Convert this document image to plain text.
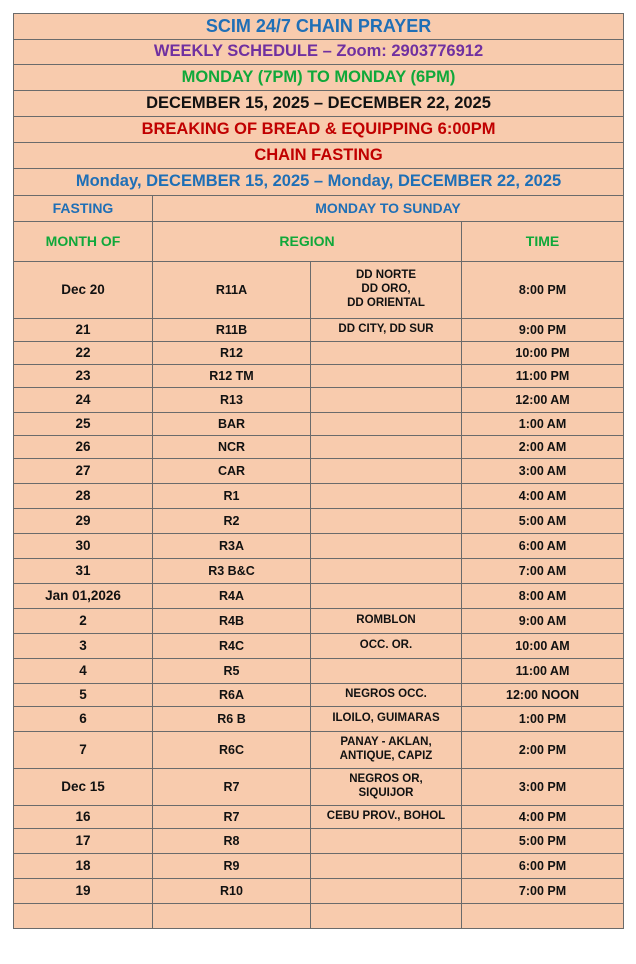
SCIM 24/7 CHAIN PRAYER			
WEEKLY SCHEDULE – Zoom: 2903776912			
MONDAY (7PM) TO MONDAY (6PM)			
DECEMBER 15, 2025 – DECEMBER 22, 2025			
BREAKING OF BREAD & EQUIPPING 6:00PM			
CHAIN FASTING			
Monday, DECEMBER 15, 2025 – Monday, DECEMBER 22, 2025			
FASTING	MONDAY TO SUNDAY		
MONTH OF	REGION		TIME
Dec 20	R11A	DD NORTE
DD ORO,
DD ORIENTAL	8:00 PM
21	R11B	DD CITY, DD SUR	9:00 PM
22	R12		10:00 PM
23	R12 TM		11:00 PM
24	R13		12:00 AM
25	BAR		1:00 AM
26	NCR		2:00 AM
27	CAR		3:00 AM
28	R1		4:00 AM
29	R2		5:00 AM
30	R3A		6:00 AM
31	R3 B&C		7:00 AM
Jan 01,2026	R4A		8:00 AM
2	R4B	ROMBLON	9:00 AM
3	R4C	OCC. OR.	10:00 AM
4	R5		11:00 AM
5	R6A	NEGROS OCC.	12:00 NOON
6	R6 B	ILOILO, GUIMARAS	1:00 PM
7	R6C	PANAY - AKLAN,
ANTIQUE, CAPIZ	2:00 PM
Dec 15	R7	NEGROS OR,
SIQUIJOR	3:00 PM
16	R7	CEBU PROV., BOHOL	4:00 PM
17	R8		5:00 PM
18	R9		6:00 PM
19	R10		7:00 PM
